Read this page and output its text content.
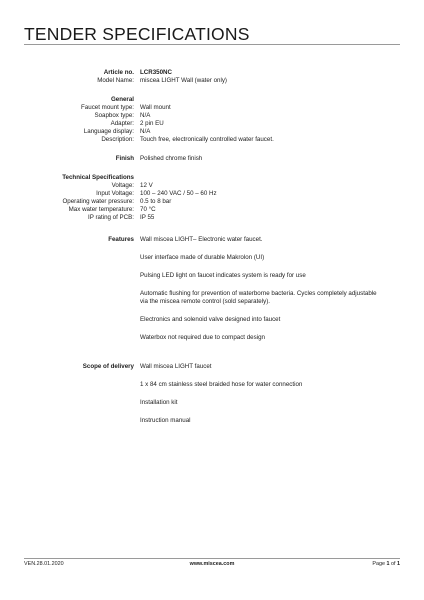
TENDER SPECIFICATIONS
Article no. LCR350NC
Model Name: miscea LIGHT Wall (water only)
General
Faucet mount type: Wall mount
Soapbox type: N/A
Adapter: 2 pin EU
Language display: N/A
Description: Touch free, electronically controlled water faucet.
Finish Polished chrome finish
Technical Specifications
Voltage: 12 V
Input Voltage: 100 – 240 VAC / 50 – 60 Hz
Operating water pressure: 0.5 to 8 bar
Max water temperature: 70 °C
IP rating of PCB: IP 55
Features Wall miscea LIGHT– Electronic water faucet.
User interface made of durable Makrolon (UI)
Pulsing LED light on faucet indicates system is ready for use
Automatic flushing for prevention of waterborne bacteria. Cycles completely adjustable via the miscea remote control (sold separately).
Electronics and solenoid valve designed into faucet
Waterbox not required due to compact design
Scope of delivery Wall miscea LIGHT faucet
1 x 84 cm stainless steel braided hose for water connection
Installation kit
Instruction manual
VEN.28.01.2020	www.miscea.com	Page 1 of 1
